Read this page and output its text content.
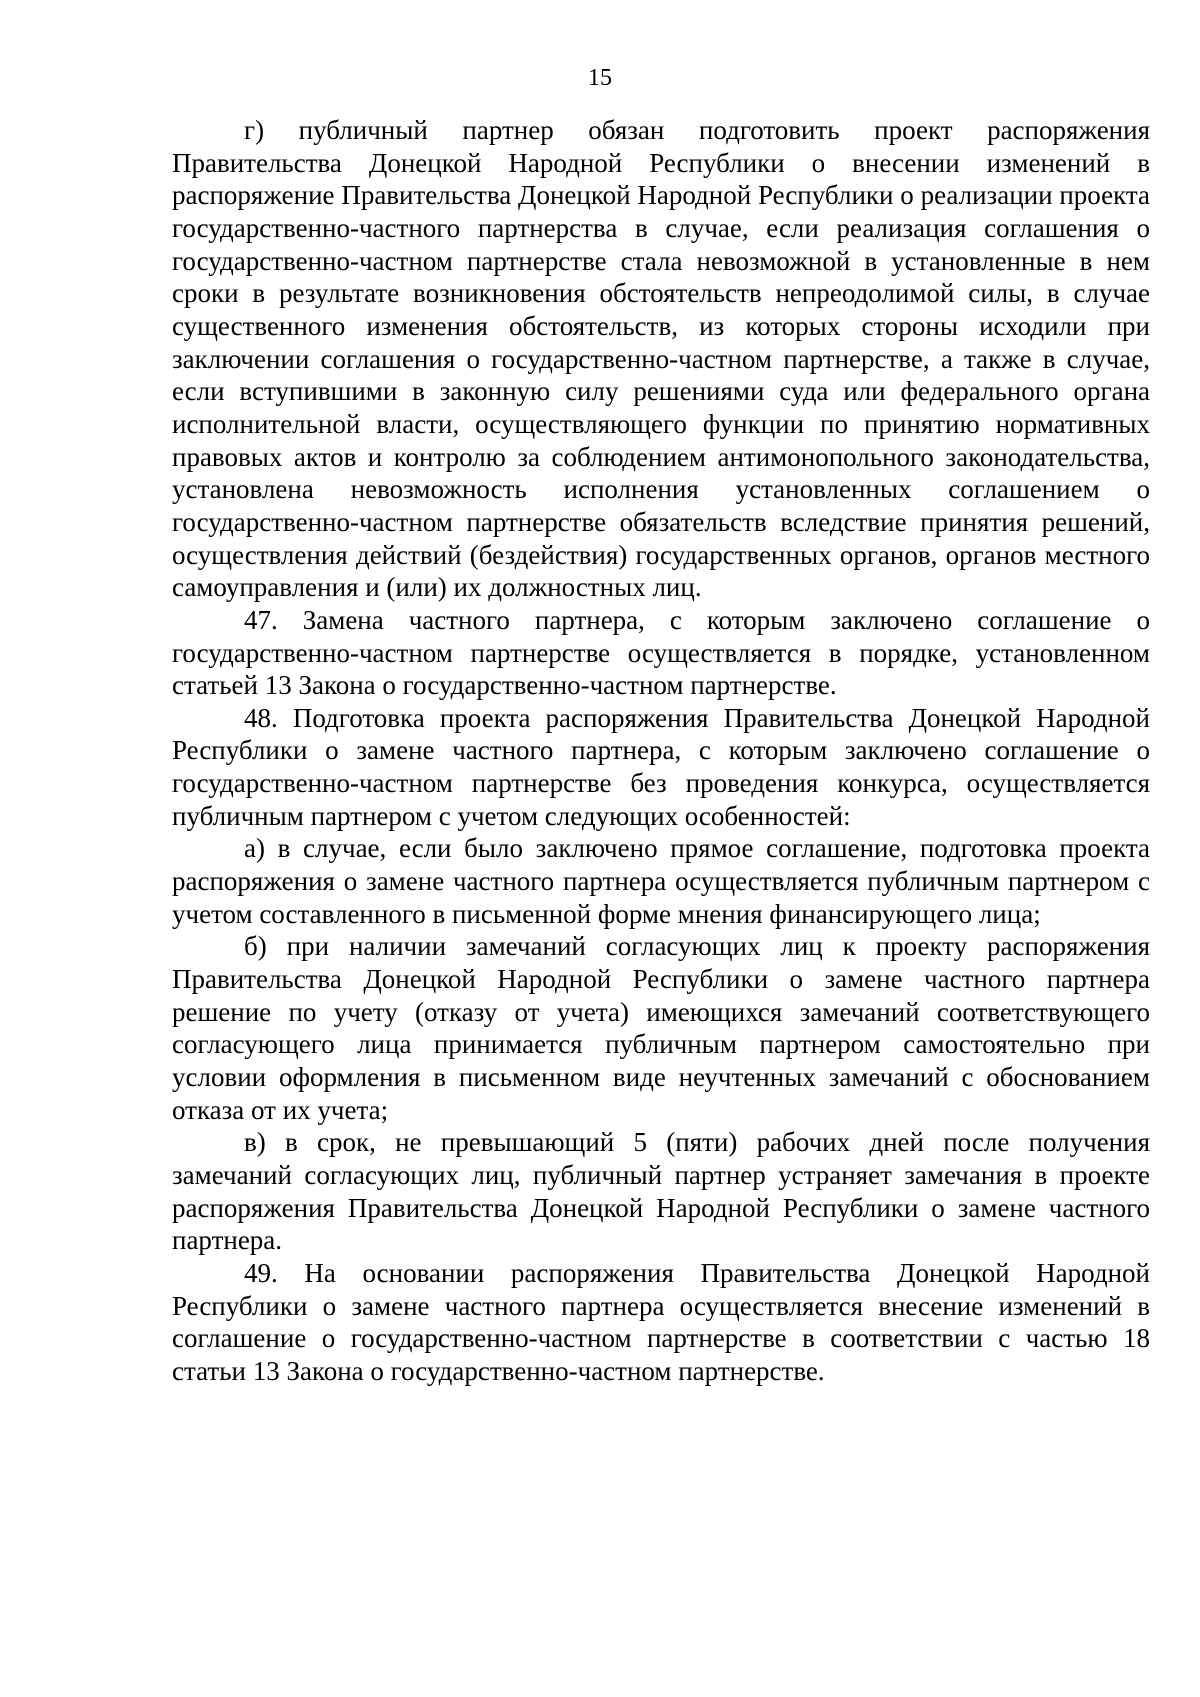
15

г) публичный партнер обязан подготовить проект распоряжения Правительства Донецкой Народной Республики о внесении изменений в распоряжение Правительства Донецкой Народной Республики о реализации проекта государственно-частного партнерства в случае, если реализация соглашения о государственно-частном партнерстве стала невозможной в установленные в нем сроки в результате возникновения обстоятельств непреодолимой силы, в случае существенного изменения обстоятельств, из которых стороны исходили при заключении соглашения о государственно-частном партнерстве, а также в случае, если вступившими в законную силу решениями суда или федерального органа исполнительной власти, осуществляющего функции по принятию нормативных правовых актов и контролю за соблюдением антимонопольного законодательства, установлена невозможность исполнения установленных соглашением о государственно-частном партнерстве обязательств вследствие принятия решений, осуществления действий (бездействия) государственных органов, органов местного самоуправления и (или) их должностных лиц.

47. Замена частного партнера, с которым заключено соглашение о государственно-частном партнерстве осуществляется в порядке, установленном статьей 13 Закона о государственно-частном партнерстве.

48. Подготовка проекта распоряжения Правительства Донецкой Народной Республики о замене частного партнера, с которым заключено соглашение о государственно-частном партнерстве без проведения конкурса, осуществляется публичным партнером с учетом следующих особенностей:

а) в случае, если было заключено прямое соглашение, подготовка проекта распоряжения о замене частного партнера осуществляется публичным партнером с учетом составленного в письменной форме мнения финансирующего лица;

б) при наличии замечаний согласующих лиц к проекту распоряжения Правительства Донецкой Народной Республики о замене частного партнера решение по учету (отказу от учета) имеющихся замечаний соответствующего согласующего лица принимается публичным партнером самостоятельно при условии оформления в письменном виде неучтенных замечаний с обоснованием отказа от их учета;

в) в срок, не превышающий 5 (пяти) рабочих дней после получения замечаний согласующих лиц, публичный партнер устраняет замечания в проекте распоряжения Правительства Донецкой Народной Республики о замене частного партнера.

49. На основании распоряжения Правительства Донецкой Народной Республики о замене частного партнера осуществляется внесение изменений в соглашение о государственно-частном партнерстве в соответствии с частью 18 статьи 13 Закона о государственно-частном партнерстве.
